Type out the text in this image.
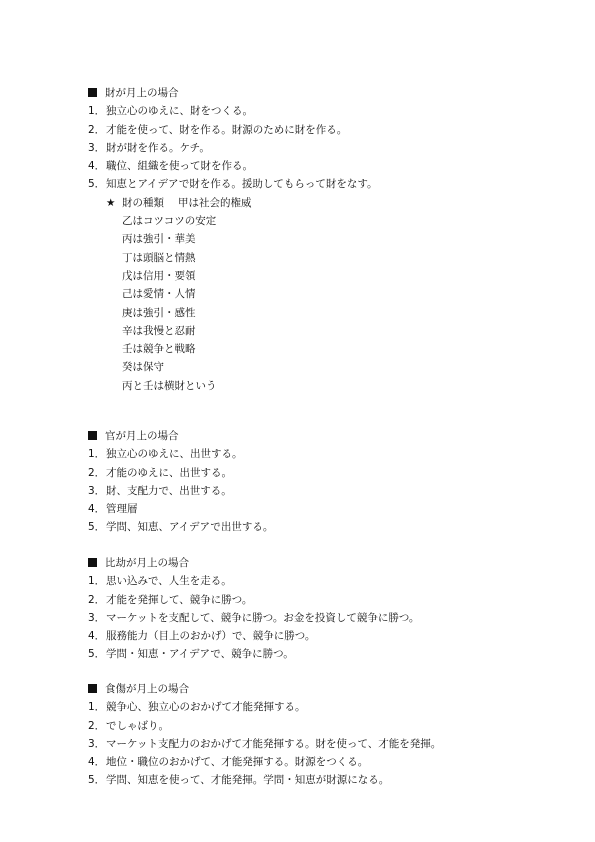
財が月上の場合
1． 独立心のゆえに、財をつくる。
2． 才能を使って、財を作る。財源のために財を作る。
3． 財が財を作る。ケチ。
4． 職位、組織を使って財を作る。
5． 知恵とアイデアで財を作る。援助してもらって財をなす。
★ 財の種類 甲は社会的権威
乙はコツコツの安定
丙は強引・華美
丁は頭脳と情熱
戊は信用・要領
己は愛情・人情
庚は強引・感性
辛は我慢と忍耐
壬は競争と戦略
癸は保守
丙と壬は横財という
官が月上の場合
1． 独立心のゆえに、出世する。
2． 才能のゆえに、出世する。
3． 財、支配力で、出世する。
4． 管理層
5． 学問、知恵、アイデアで出世する。
比劫が月上の場合
1． 思い込みで、人生を走る。
2． 才能を発揮して、競争に勝つ。
3． マーケットを支配して、競争に勝つ。お金を投資して競争に勝つ。
4． 服務能力（目上のおかげ）で、競争に勝つ。
5． 学問・知恵・アイデアで、競争に勝つ。
食傷が月上の場合
1． 競争心、独立心のおかげて才能発揮する。
2． でしゃばり。
3． マーケット支配力のおかげて才能発揮する。財を使って、才能を発揮。
4． 地位・職位のおかげて、才能発揮する。財源をつくる。
5． 学問、知恵を使って、才能発揮。学問・知恵が財源になる。
